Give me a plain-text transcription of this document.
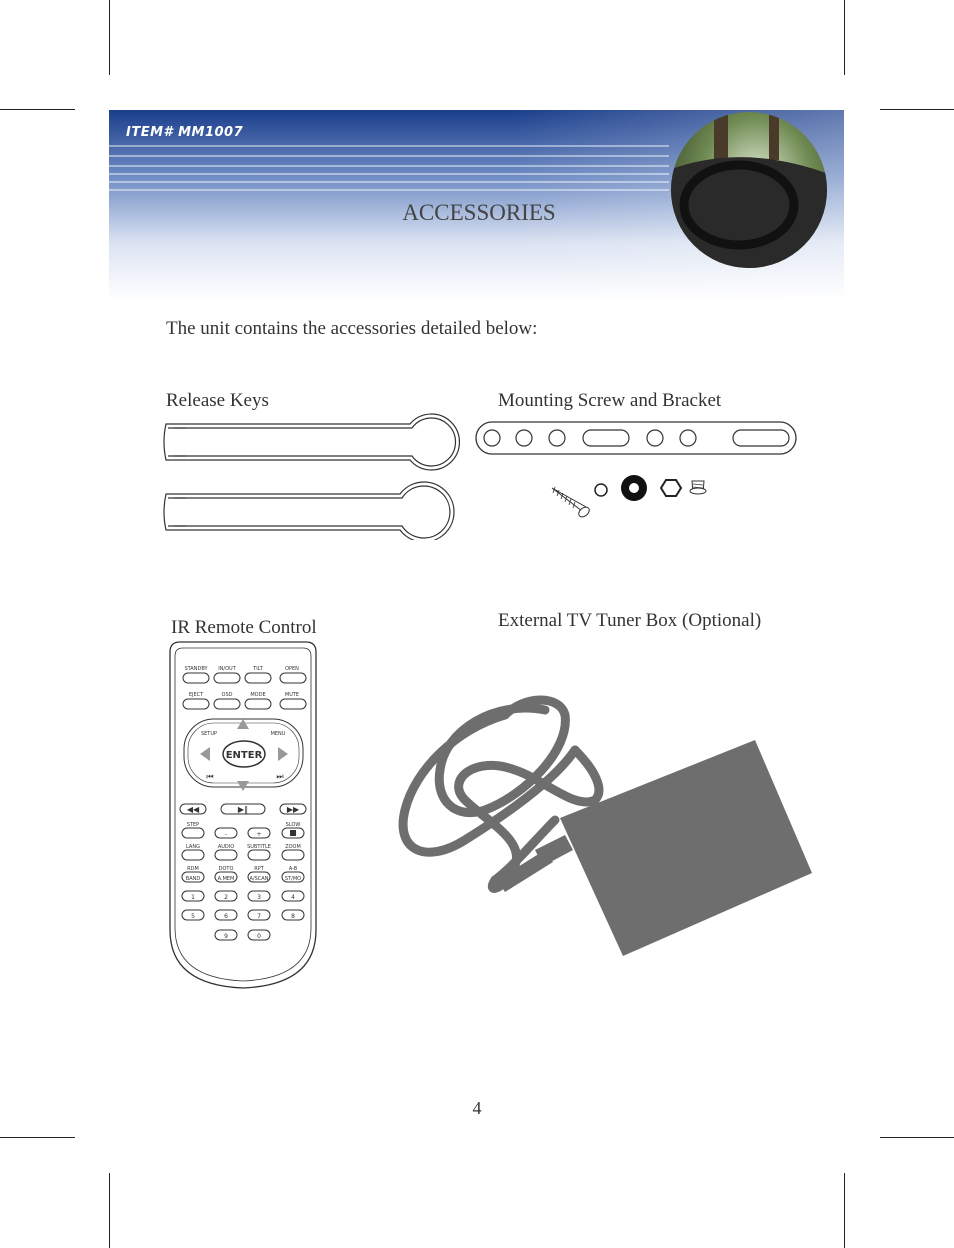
ITEM# MM1007
ACCESSORIES
The unit contains the accessories detailed below:
Release Keys	Mounting Screw and Bracket
IR Remote Control	External TV Tuner Box (Optional)
STANDBY IN/OUT	TILT	OPEN
EJECT	OSD	MODE	MUTE
SETUP	MENU
ENTER
⏮	⏭
◀◀	▶‖	▶▶
STEP	SLOW
-	+
LANG	AUDIO	SUBTITLE	ZOOM
RDM	DOTO	RPT	A-B
BAND	A.MEM	A/SCAN	ST/MO
1	2	3	4
5	6	7	8
9	0
4
